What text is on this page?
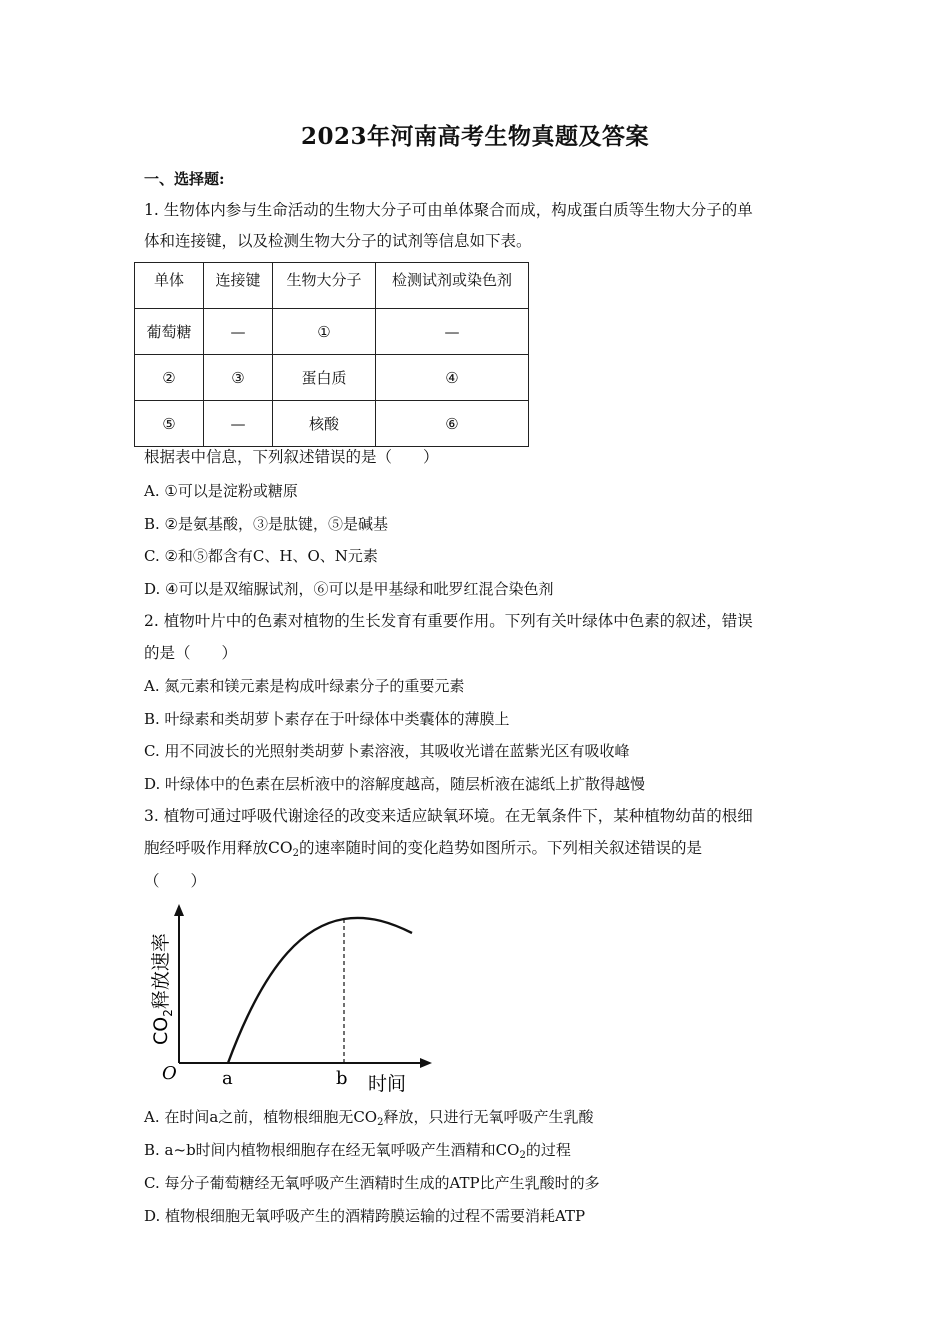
2023年河南高考生物真题及答案
一、选择题:
1. 生物体内参与生命活动的生物大分子可由单体聚合而成，构成蛋白质等生物大分子的单
体和连接键，以及检测生物大分子的试剂等信息如下表。
单体	连接键	生物大分子	检测试剂或染色剂
葡萄糖	—	①	—
②	③	蛋白质	④
⑤	—	核酸	⑥
根据表中信息，下列叙述错误的是（　　）
A. ①可以是淀粉或糖原
B. ②是氨基酸，③是肽键，⑤是碱基
C. ②和⑤都含有C、H、O、N元素
D. ④可以是双缩脲试剂，⑥可以是甲基绿和吡罗红混合染色剂
2. 植物叶片中的色素对植物的生长发育有重要作用。下列有关叶绿体中色素的叙述，错误
的是（　　）
A. 氮元素和镁元素是构成叶绿素分子的重要元素
B. 叶绿素和类胡萝卜素存在于叶绿体中类囊体的薄膜上
C. 用不同波长的光照射类胡萝卜素溶液，其吸收光谱在蓝紫光区有吸收峰
D. 叶绿体中的色素在层析液中的溶解度越高，随层析液在滤纸上扩散得越慢
3. 植物可通过呼吸代谢途径的改变来适应缺氧环境。在无氧条件下，某种植物幼苗的根细
胞经呼吸作用释放$CO_2$的速率随时间的变化趋势如图所示。下列相关叙述错误的是
（　　）
O	a	b 时间
$CO_2$释放速率
A. 在时间a之前，植物根细胞无$CO_2$释放，只进行无氧呼吸产生乳酸
B. a~b时间内植物根细胞存在经无氧呼吸产生酒精和$CO_2$的过程
C. 每分子葡萄糖经无氧呼吸产生酒精时生成的ATP比产生乳酸时的多
D. 植物根细胞无氧呼吸产生的酒精跨膜运输的过程不需要消耗ATP
